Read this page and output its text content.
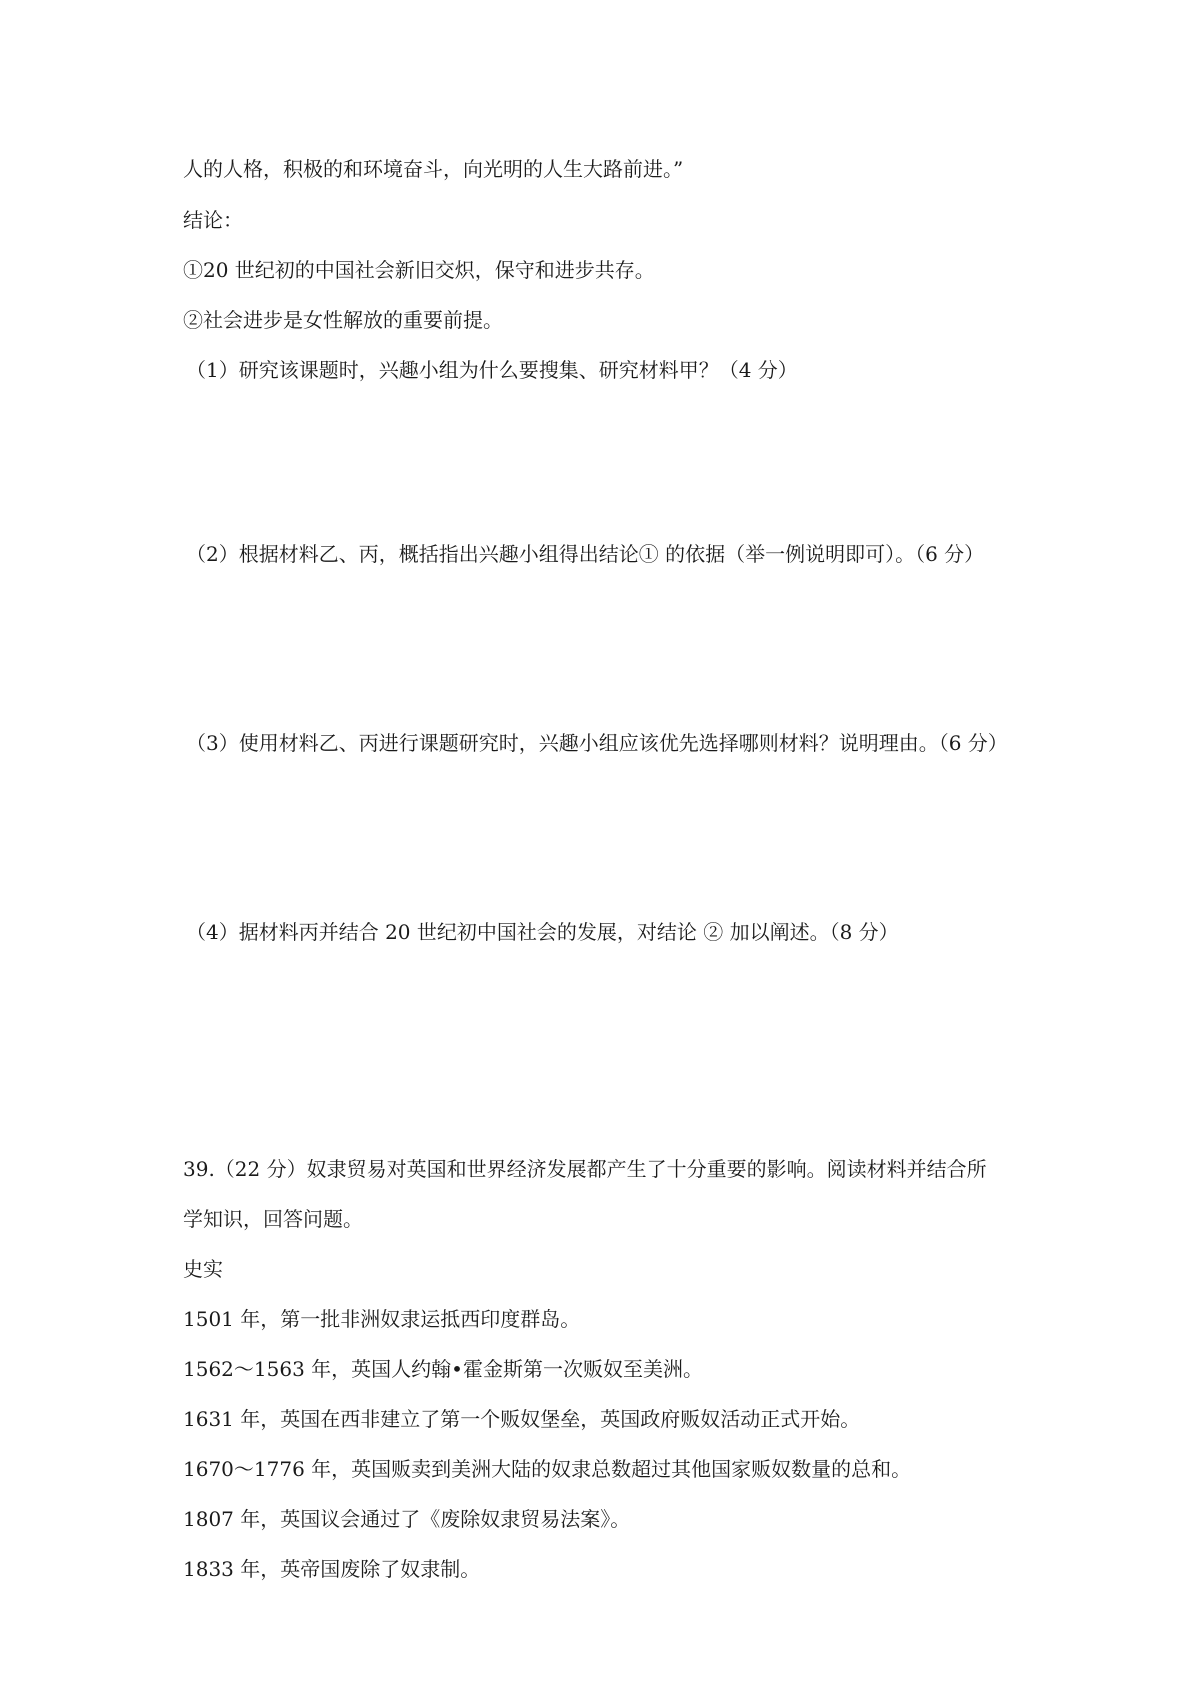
人的人格，积极的和环境奋斗，向光明的人生大路前进。”
结论：
①20 世纪初的中国社会新旧交炽，保守和进步共存。
②社会进步是女性解放的重要前提。
（1）研究该课题时，兴趣小组为什么要搜集、研究材料甲？（4 分）
（2）根据材料乙、丙，概括指出兴趣小组得出结论① 的依据（举一例说明即可）。（6 分）
（3）使用材料乙、丙进行课题研究时，兴趣小组应该优先选择哪则材料？说明理由。（6 分）
（4）据材料丙并结合 20 世纪初中国社会的发展，对结论 ② 加以阐述。（8 分）
39.（22 分）奴隶贸易对英国和世界经济发展都产生了十分重要的影响。阅读材料并结合所
学知识，回答问题。
史实
1501 年，第一批非洲奴隶运抵西印度群岛。
1562～1563 年，英国人约翰•霍金斯第一次贩奴至美洲。
1631 年，英国在西非建立了第一个贩奴堡垒，英国政府贩奴活动正式开始。
1670～1776 年，英国贩卖到美洲大陆的奴隶总数超过其他国家贩奴数量的总和。
1807 年，英国议会通过了《废除奴隶贸易法案》。
1833 年，英帝国废除了奴隶制。
